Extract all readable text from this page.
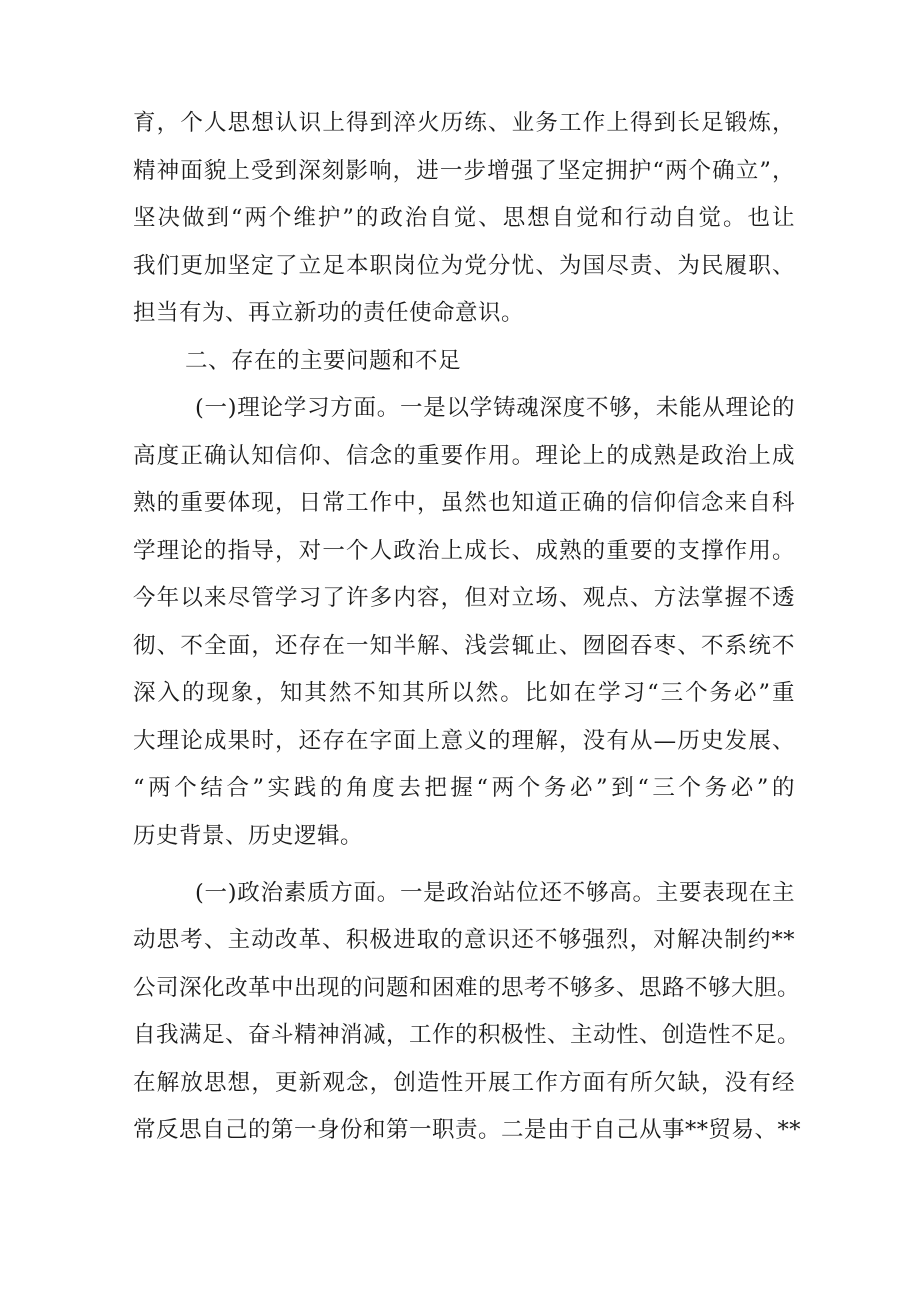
育，个人思想认识上得到淬火历练、业务工作上得到长足锻炼，
精神面貌上受到深刻影响，进一步增强了坚定拥护“两个确立”，
坚决做到“两个维护”的政治自觉、思想自觉和行动自觉。也让
我们更加坚定了立足本职岗位为党分忧、为国尽责、为民履职、
担当有为、再立新功的责任使命意识。
二、存在的主要问题和不足
(一)理论学习方面。一是以学铸魂深度不够，未能从理论的
高度正确认知信仰、信念的重要作用。理论上的成熟是政治上成
熟的重要体现，日常工作中，虽然也知道正确的信仰信念来自科
学理论的指导，对一个人政治上成长、成熟的重要的支撑作用。
今年以来尽管学习了许多内容，但对立场、观点、方法掌握不透
彻、不全面，还存在一知半解、浅尝辄止、囫囵吞枣、不系统不
深入的现象，知其然不知其所以然。比如在学习“三个务必”重
大理论成果时，还存在字面上意义的理解，没有从—历史发展、
“两个结合”实践的角度去把握“两个务必”到“三个务必”的
历史背景、历史逻辑。
(一)政治素质方面。一是政治站位还不够高。主要表现在主
动思考、主动改革、积极进取的意识还不够强烈，对解决制约**
公司深化改革中出现的问题和困难的思考不够多、思路不够大胆。
自我满足、奋斗精神消减，工作的积极性、主动性、创造性不足。
在解放思想，更新观念，创造性开展工作方面有所欠缺，没有经
常反思自己的第一身份和第一职责。二是由于自己从事**贸易、**
